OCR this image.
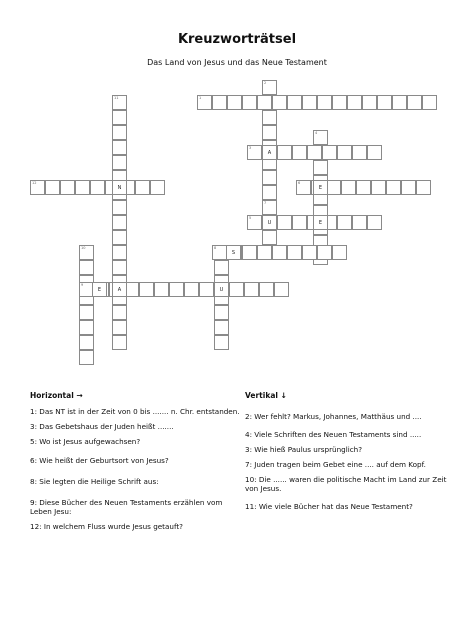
Kreuzworträtsel
Das Land von Jesus und das Neue Testament
11
2
7
U
4
10
1
3
A
12	6
5
8
9
U
N	E
E
S
E	A
Horizontal →
1: Das NT ist in der Zeit von 0 bis ....... n. Chr. entstanden.
3: Das Gebetshaus der Juden heißt .......
5: Wo ist Jesus aufgewachsen?
6: Wie heißt der Geburtsort von Jesus?
8: Sie legten die Heilige Schrift aus:
9: Diese Bücher des Neuen Testaments erzählen vom Leben Jesu:
12: In welchem Fluss wurde Jesus getauft?
Vertikal ↓
2: Wer fehlt? Markus, Johannes, Matthäus und ....
4: Viele Schriften des Neuen Testaments sind .....
3: Wie hieß Paulus ursprünglich?
7: Juden tragen beim Gebet eine .... auf dem Kopf.
10: Die ...... waren die politische Macht im Land zur Zeit von Jesus.
11: Wie viele Bücher hat das Neue Testament?
